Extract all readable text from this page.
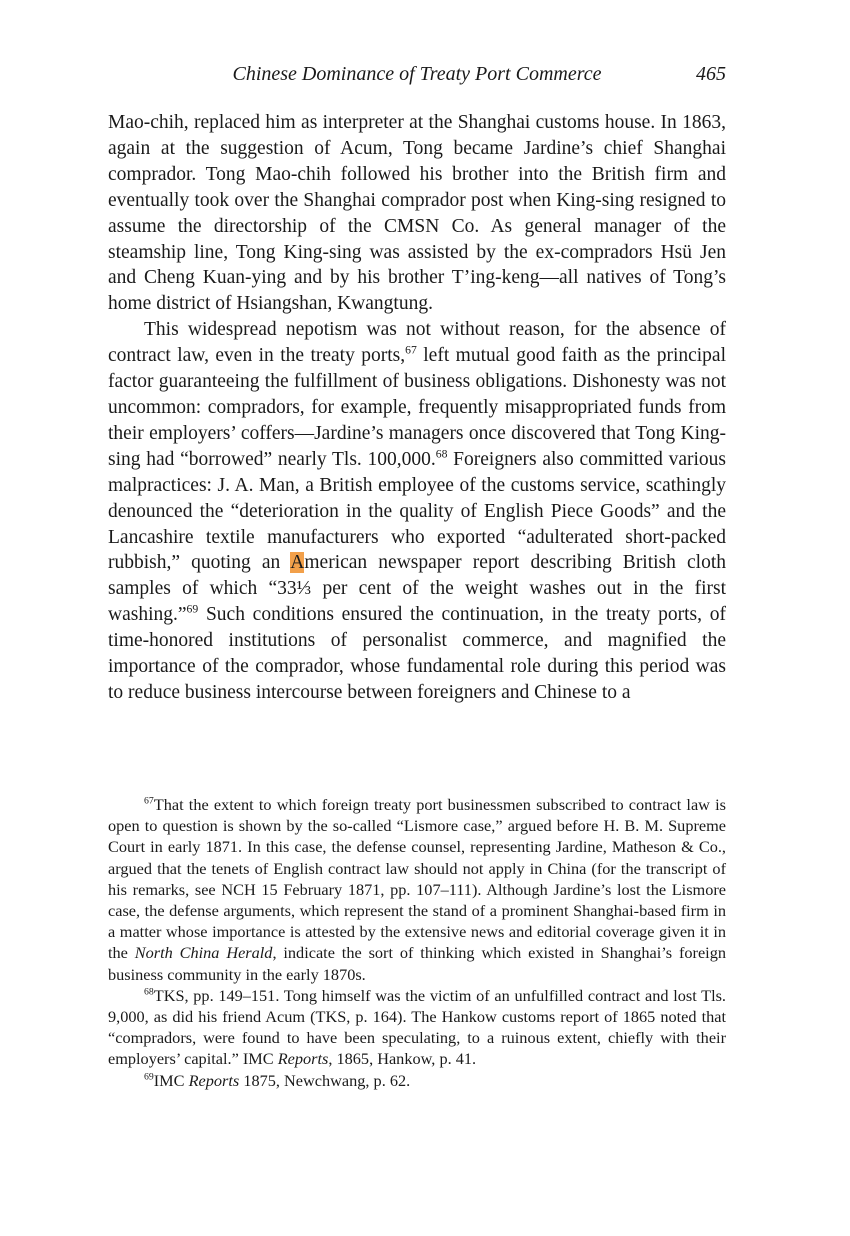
Chinese Dominance of Treaty Port Commerce	465

Mao-chih, replaced him as interpreter at the Shanghai customs house. In 1863, again at the suggestion of Acum, Tong became Jardine’s chief Shanghai comprador. Tong Mao-chih followed his brother into the British firm and eventually took over the Shanghai comprador post when King-sing resigned to assume the directorship of the CMSN Co. As general manager of the steamship line, Tong King-sing was assisted by the ex-compradors Hsü Jen and Cheng Kuan-ying and by his brother T’ing-keng—all natives of Tong’s home district of Hsiangshan, Kwangtung.

This widespread nepotism was not without reason, for the absence of contract law, even in the treaty ports,$^{67}$ left mutual good faith as the principal factor guaranteeing the fulfillment of business obligations. Dishonesty was not uncommon: compradors, for example, frequently misappropriated funds from their employers’ coffers—Jardine’s managers once discovered that Tong King-sing had “borrowed” nearly Tls. 100,000.68 Foreigners also committed various malpractices: J. A. Man, a British employee of the customs service, scathingly denounced the “deterioration in the quality of English Piece Goods” and the Lancashire textile manufacturers who exported “adulterated short-packed rubbish,” quoting an American newspaper report describing British cloth samples of which “33⅓ per cent of the weight washes out in the first washing.”$^{69}$ Such conditions ensured the continuation, in the treaty ports, of time-honored institutions of personalist commerce, and magnified the importance of the comprador, whose fundamental role during this period was to reduce business intercourse between foreigners and Chinese to a

$^{67}$That the extent to which foreign treaty port businessmen subscribed to contract law is open to question is shown by the so-called “Lismore case,” argued before H. B. M. Supreme Court in early 1871. In this case, the defense counsel, representing Jardine, Matheson & Co., argued that the tenets of English contract law should not apply in China (for the transcript of his remarks, see NCH 15 February 1871, pp. 107–111). Although Jardine’s lost the Lismore case, the defense arguments, which represent the stand of a prominent Shanghai-based firm in a matter whose importance is attested by the extensive news and editorial coverage given it in the North China Herald, indicate the sort of thinking which existed in Shanghai’s foreign business community in the early 1870s.

$^{68}$TKS, pp. 149–151. Tong himself was the victim of an unfulfilled contract and lost Tls. 9,000, as did his friend Acum (TKS, p. 164). The Hankow customs report of 1865 noted that “compradors, were found to have been speculating, to a ruinous extent, chiefly with their employers’ capital.” IMC Reports, 1865, Hankow, p. 41.

$^{69}$IMC Reports 1875, Newchwang, p. 62.
